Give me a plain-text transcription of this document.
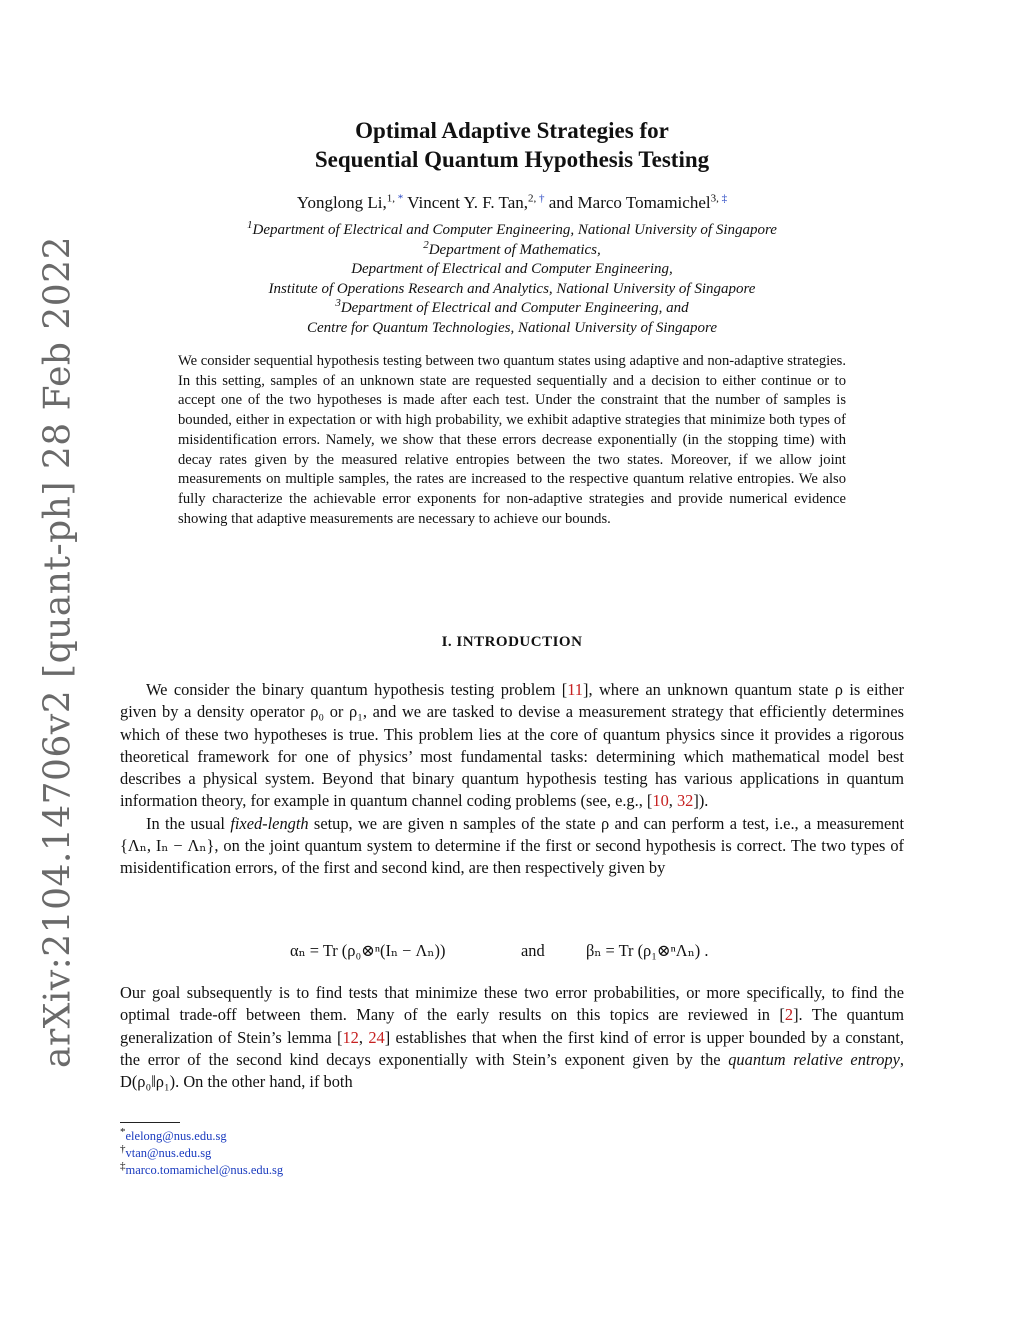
arXiv:2104.14706v2 [quant-ph] 28 Feb 2022
Optimal Adaptive Strategies for
Sequential Quantum Hypothesis Testing
Yonglong Li,$^{1,}$ * Vincent Y. F. Tan,$^{2,}$ † and Marco Tomamichel$^{3,}$ ‡
$^1$Department of Electrical and Computer Engineering, National University of Singapore
$^2$Department of Mathematics,
Department of Electrical and Computer Engineering,
Institute of Operations Research and Analytics, National University of Singapore
$^3$Department of Electrical and Computer Engineering, and
Centre for Quantum Technologies, National University of Singapore
We consider sequential hypothesis testing between two quantum states using adaptive and non-adaptive strategies. In this setting, samples of an unknown state are requested sequentially and a decision to either continue or to accept one of the two hypotheses is made after each test. Under the constraint that the number of samples is bounded, either in expectation or with high probability, we exhibit adaptive strategies that minimize both types of misidentification errors. Namely, we show that these errors decrease exponentially (in the stopping time) with decay rates given by the measured relative entropies between the two states. Moreover, if we allow joint measurements on multiple samples, the rates are increased to the respective quantum relative entropies. We also fully characterize the achievable error exponents for non-adaptive strategies and provide numerical evidence showing that adaptive measurements are necessary to achieve our bounds.
I. INTRODUCTION

We consider the binary quantum hypothesis testing problem [11], where an unknown quantum state ρ is either given by a density operator ρ₀ or ρ₁, and we are tasked to devise a measurement strategy that efficiently determines which of these two hypotheses is true. This problem lies at the core of quantum physics since it provides a rigorous theoretical framework for one of physics’ most fundamental tasks: determining which mathematical model best describes a physical system. Beyond that binary quantum hypothesis testing has various applications in quantum information theory, for example in quantum channel coding problems (see, e.g., [10, 32]).

In the usual fixed-length setup, we are given n samples of the state ρ and can perform a test, i.e., a measurement {Λₙ, Iₙ − Λₙ}, on the joint quantum system to determine if the first or second hypothesis is correct. The two types of misidentification errors, of the first and second kind, are then respectively given by

αₙ = Tr (ρ₀⊗ⁿ(Iₙ − Λₙ))	and	βₙ = Tr (ρ₁⊗ⁿΛₙ) .

Our goal subsequently is to find tests that minimize these two error probabilities, or more specifically, to find the optimal trade-off between them. Many of the early results on this topics are reviewed in [2]. The quantum generalization of Stein’s lemma [12, 24] establishes that when the first kind of error is upper bounded by a constant, the error of the second kind decays exponentially with Stein’s exponent given by the quantum relative entropy, D(ρ₀‖ρ₁). On the other hand, if both

*elelong@nus.edu.sg
†vtan@nus.edu.sg
‡marco.tomamichel@nus.edu.sg
